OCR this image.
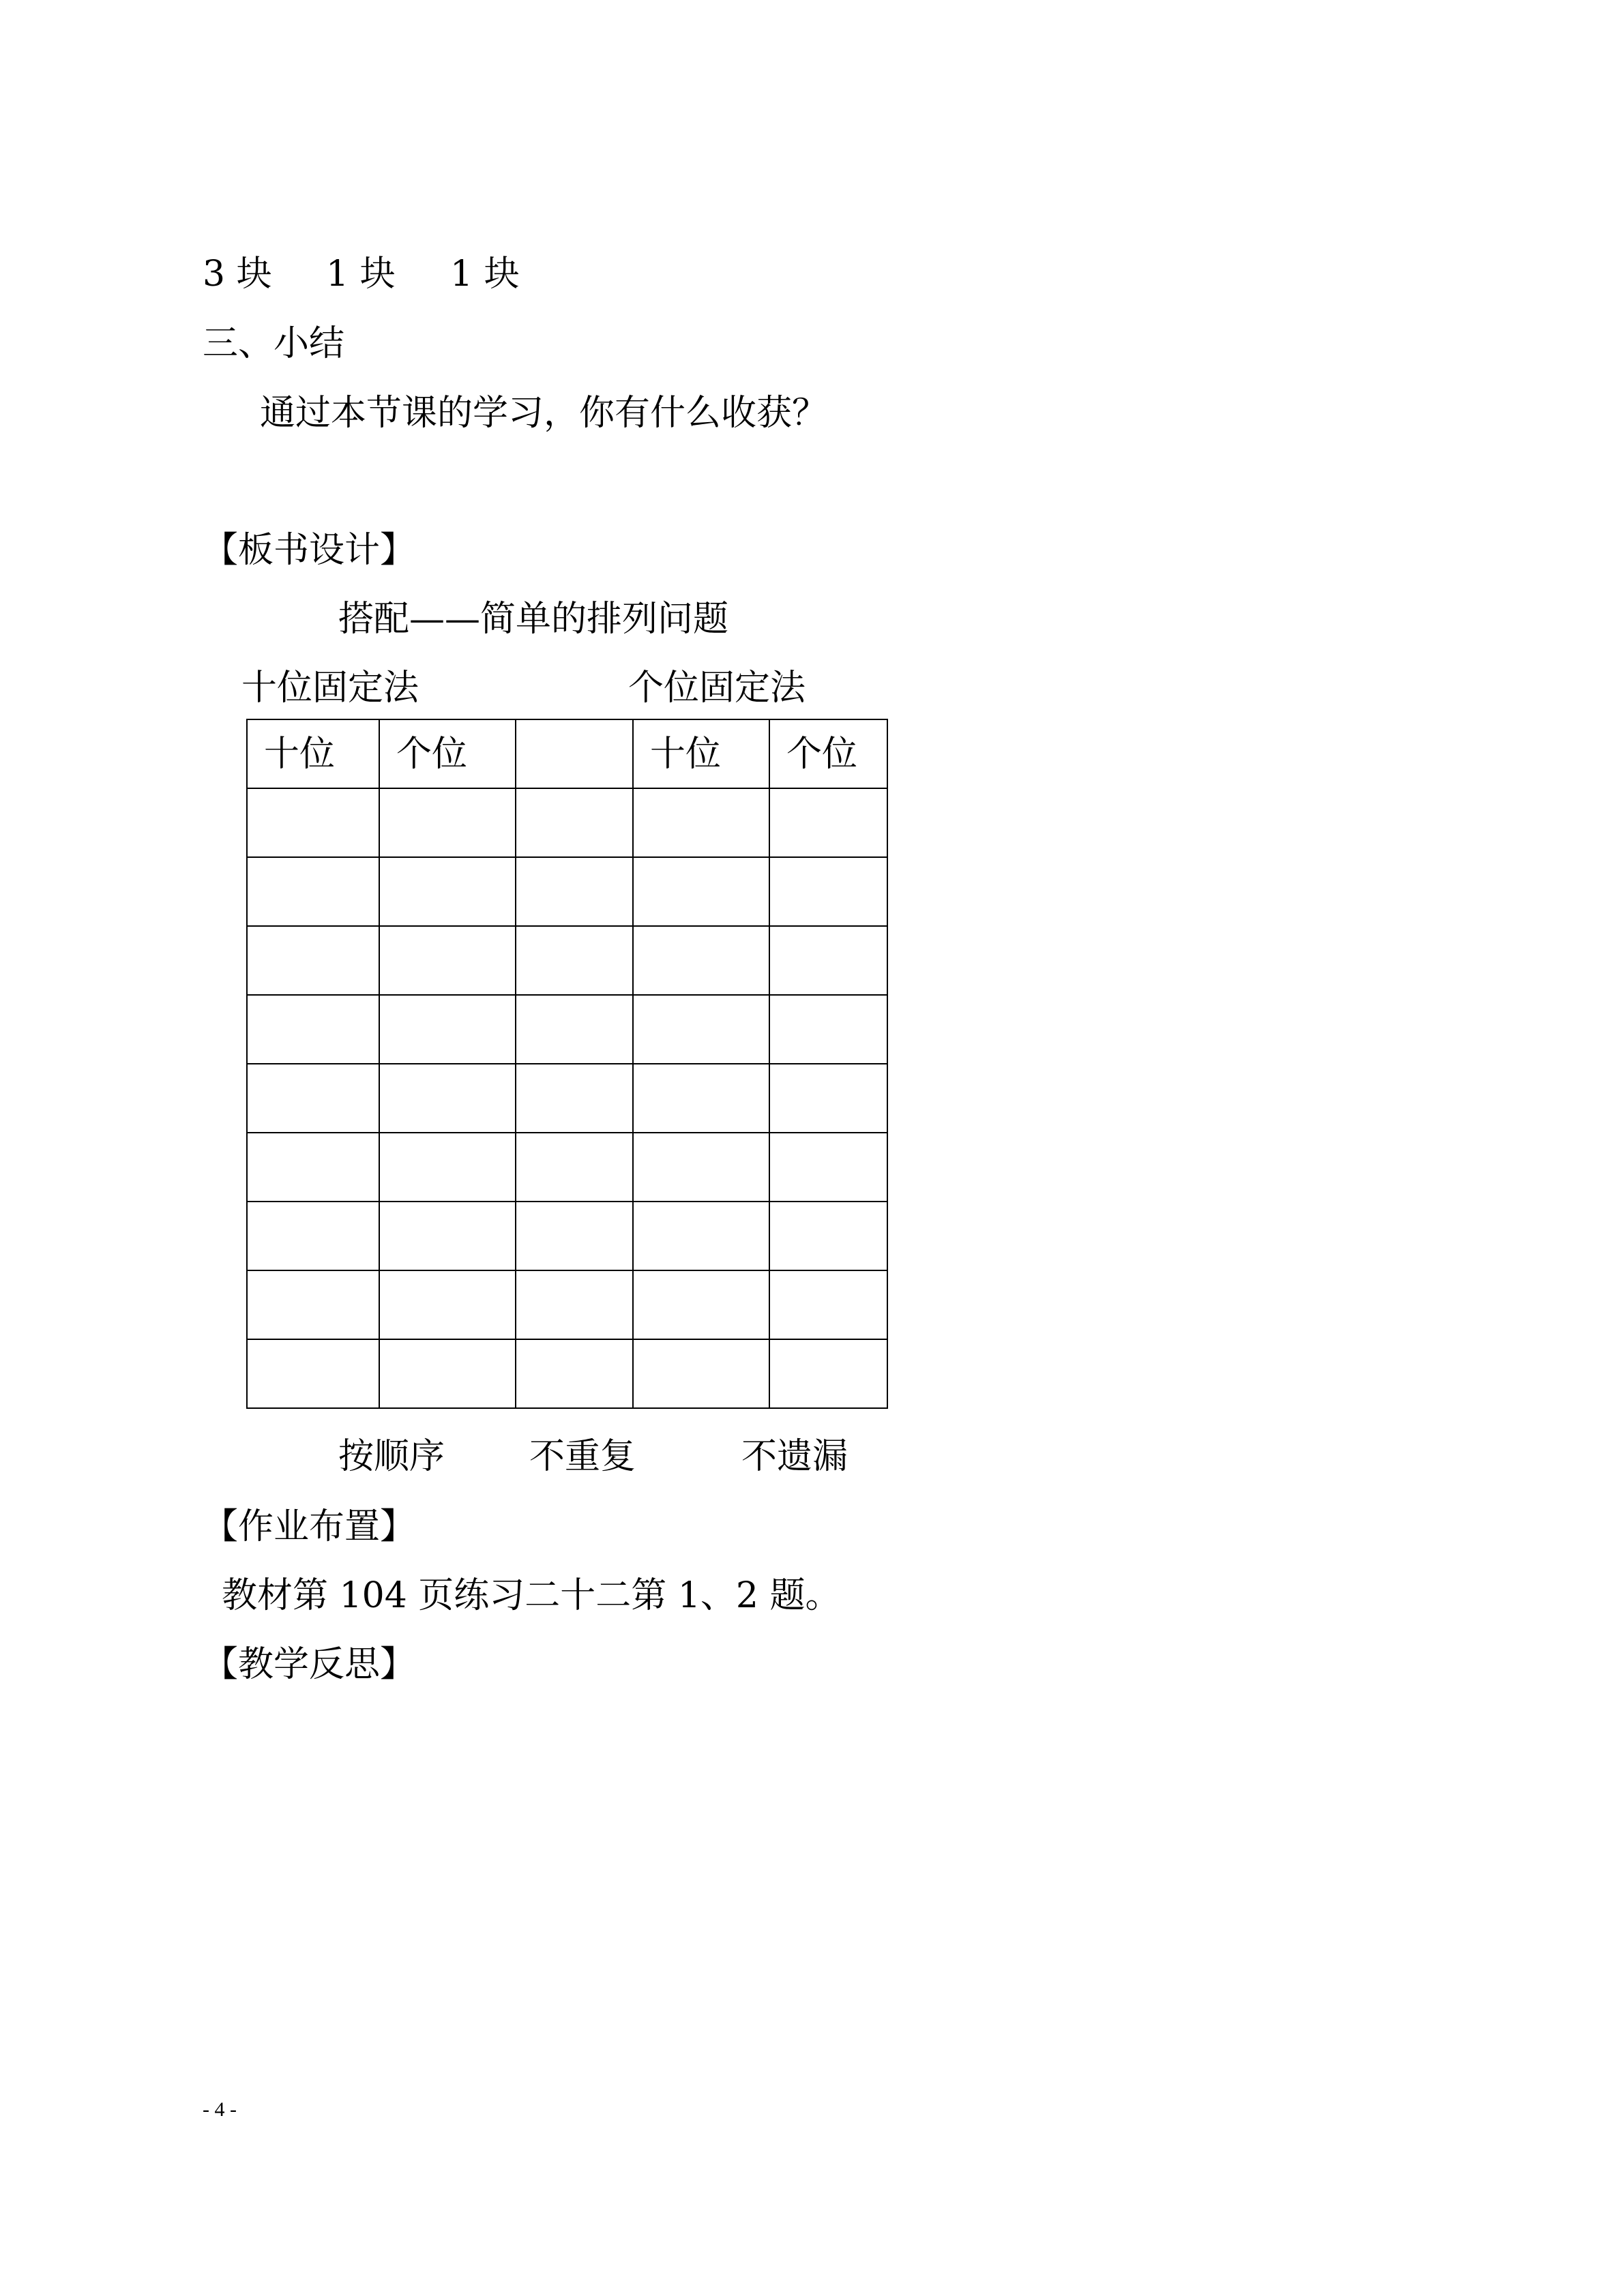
3 块 1 块 1 块
三、小结
通过本节课的学习，你有什么收获？
【板书设计】
搭配——简单的排列问题
十位固定法	个位固定法
十位	个位		十位	个位

按顺序 不重复	不遗漏
【作业布置】
教材第 104 页练习二十二第 1、2 题。
【教学反思】
- 4 -
